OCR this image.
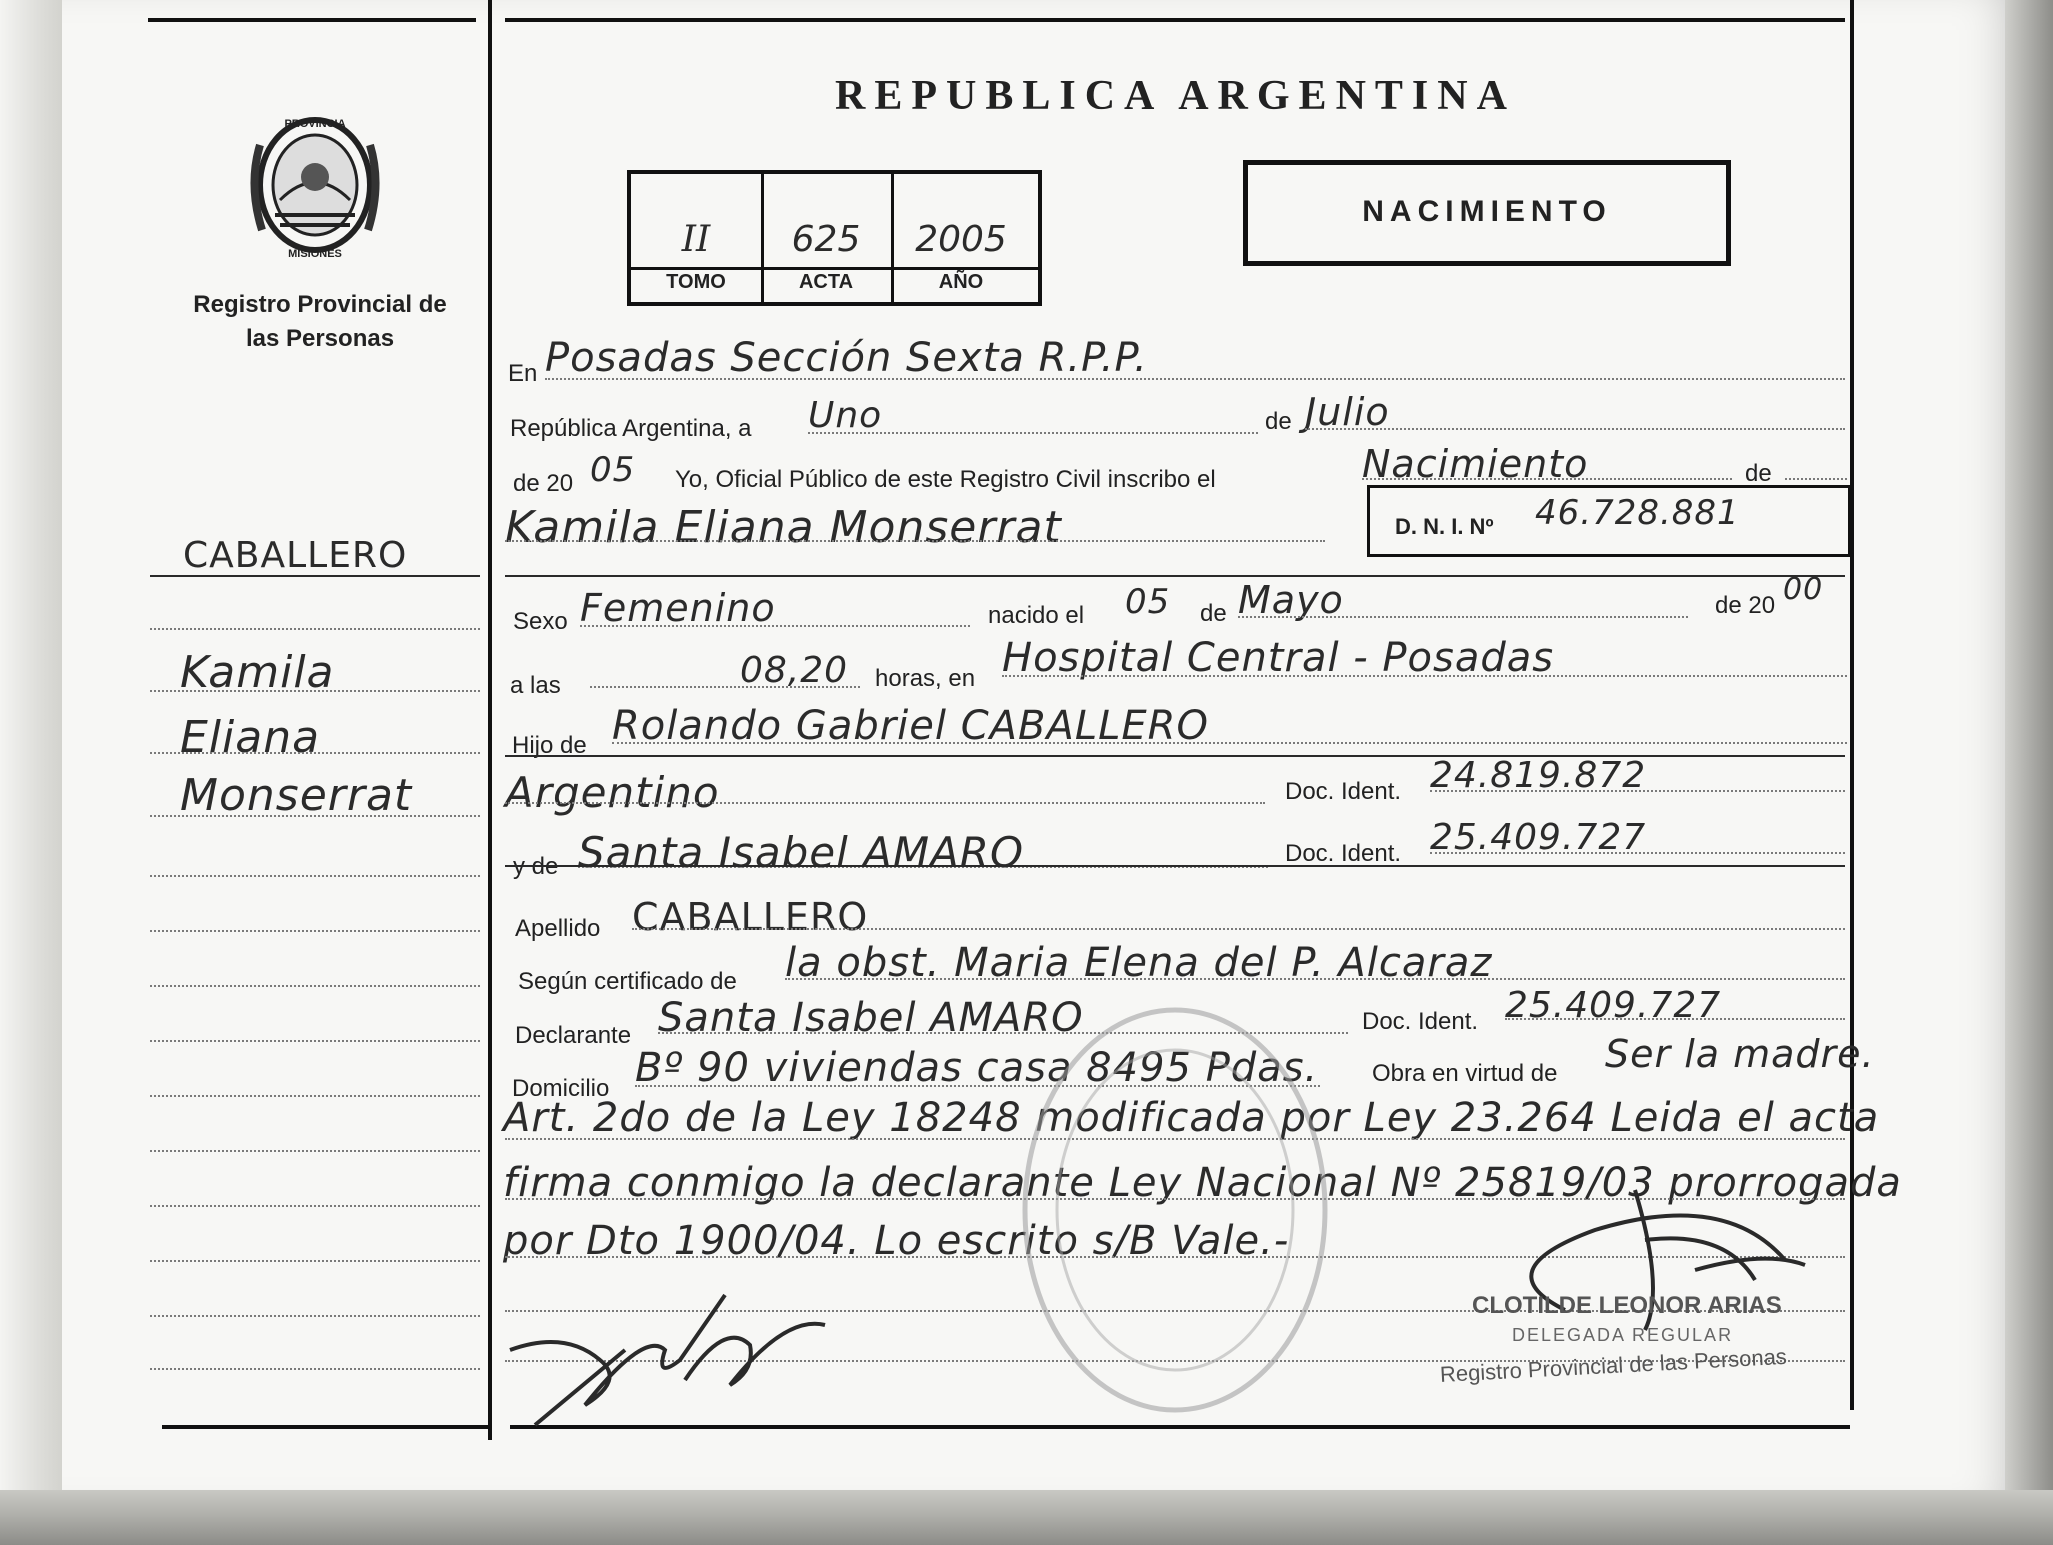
PROVINCIA
MISIONES
Registro Provincial de las Personas
REPUBLICA ARGENTINA
II	625	2005
TOMO	ACTA	AÑO
NACIMIENTO
CABALLERO
Kamila
Eliana
Monserrat
En Posadas Sección Sexta R.P.P.
República Argentina, a Uno	de Julio
de 20 05 Yo, Oficial Público de este Registro Civil inscribo el	Nacimiento	de
Kamila Eliana Monserrat	D. N. I. Nº 46.728.881
Sexo Femenino	nacido el 05 de Mayo	de 20 00
a las	08,20 horas, en Hospital Central - Posadas
Hijo de Rolando Gabriel CABALLERO
Argentino	Doc. Ident. 24.819.872
y de Santa Isabel AMARO	Doc. Ident. 25.409.727
Apellido CABALLERO
Según certificado de la obst. Maria Elena del P. Alcaraz
Declarante Santa Isabel AMARO	Doc. Ident. 25.409.727
Domicilio Bº 90 viviendas casa 8495 Pdas. Obra en virtud de Ser la madre.
Art. 2do de la Ley 18248 modificada por Ley 23.264 Leida el acta
firma conmigo la declarante Ley Nacional Nº 25819/03 prorrogada
por Dto 1900/04. Lo escrito s/B Vale.-
CLOTILDE LEONOR ARIAS
DELEGADA REGULAR
Registro Provincial de las Personas
